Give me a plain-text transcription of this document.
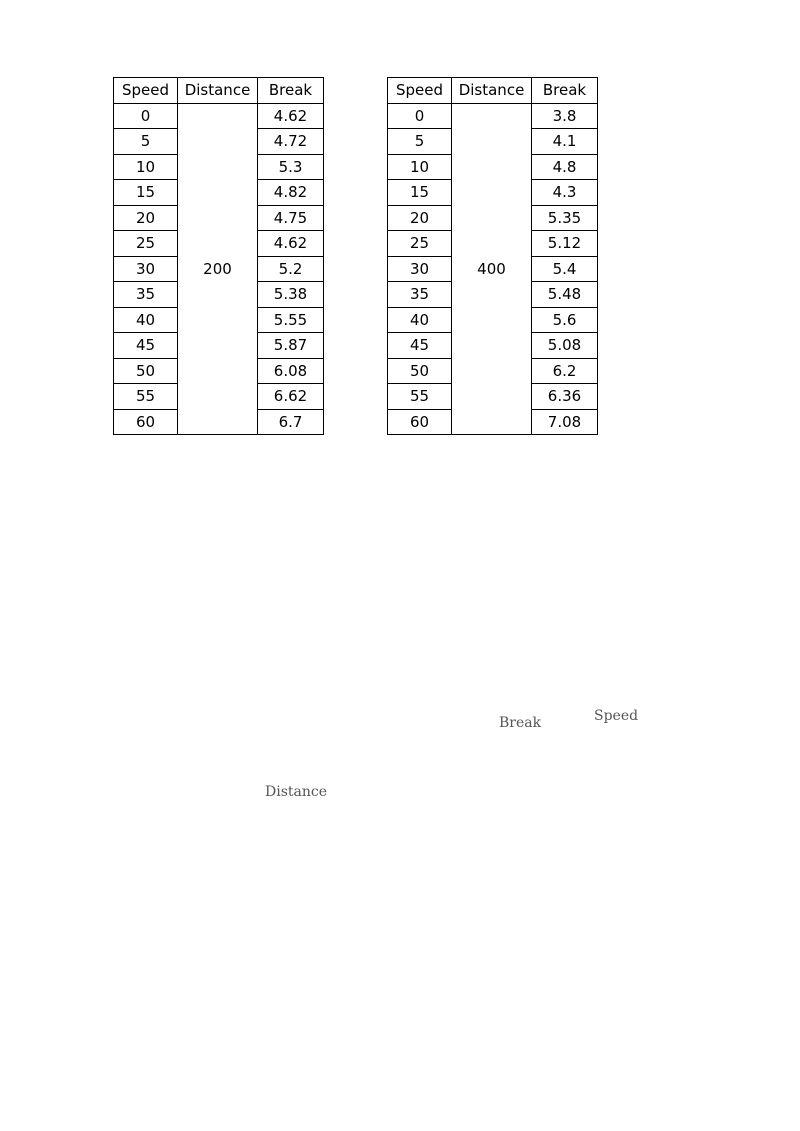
Speed	Distance	Break
0	200	4.62
5		4.72
10		5.3
15		4.82
20		4.75
25		4.62
30		5.2
35		5.38
40		5.55
45		5.87
50		6.08
55		6.62
60		6.7
Speed	Distance	Break
0	400	3.8
5		4.1
10		4.8
15		4.3
20		5.35
25		5.12
30		5.4
35		5.48
40		5.6
45		5.08
50		6.2
55		6.36
60		7.08
Distance
Speed
Break
